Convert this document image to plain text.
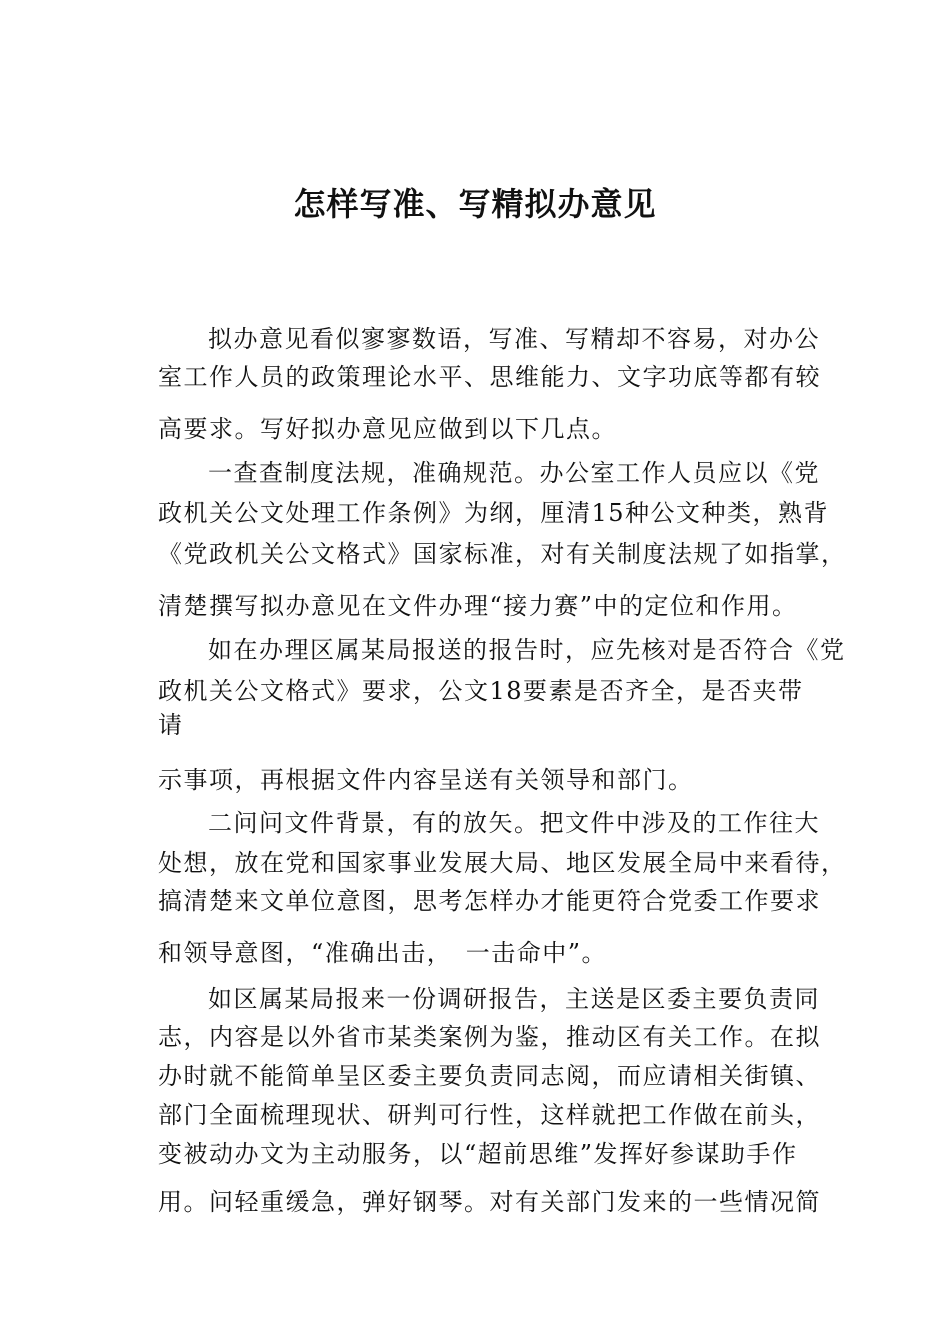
怎样写准、写精拟办意见
拟办意见看似寥寥数语，写准、写精却不容易，对办公
室工作人员的政策理论水平、思维能力、文字功底等都有较
高要求。写好拟办意见应做到以下几点。
一查查制度法规，准确规范。办公室工作人员应以《党
政机关公文处理工作条例》为纲，厘清15种公文种类，熟背
《党政机关公文格式》国家标准，对有关制度法规了如指掌，
清楚撰写拟办意见在文件办理“接力赛”中的定位和作用。
如在办理区属某局报送的报告时，应先核对是否符合《党
政机关公文格式》要求，公文18要素是否齐全，是否夹带
请
示事项，再根据文件内容呈送有关领导和部门。
二问问文件背景，有的放矢。把文件中涉及的工作往大
处想，放在党和国家事业发展大局、地区发展全局中来看待，
搞清楚来文单位意图，思考怎样办才能更符合党委工作要求
和领导意图，“准确出击，　一击命中”。
如区属某局报来一份调研报告，主送是区委主要负责同
志，内容是以外省市某类案例为鉴，推动区有关工作。在拟
办时就不能简单呈区委主要负责同志阅，而应请相关街镇、
部门全面梳理现状、研判可行性，这样就把工作做在前头，
变被动办文为主动服务，以“超前思维”发挥好参谋助手作
用。问轻重缓急，弹好钢琴。对有关部门发来的一些情况简
